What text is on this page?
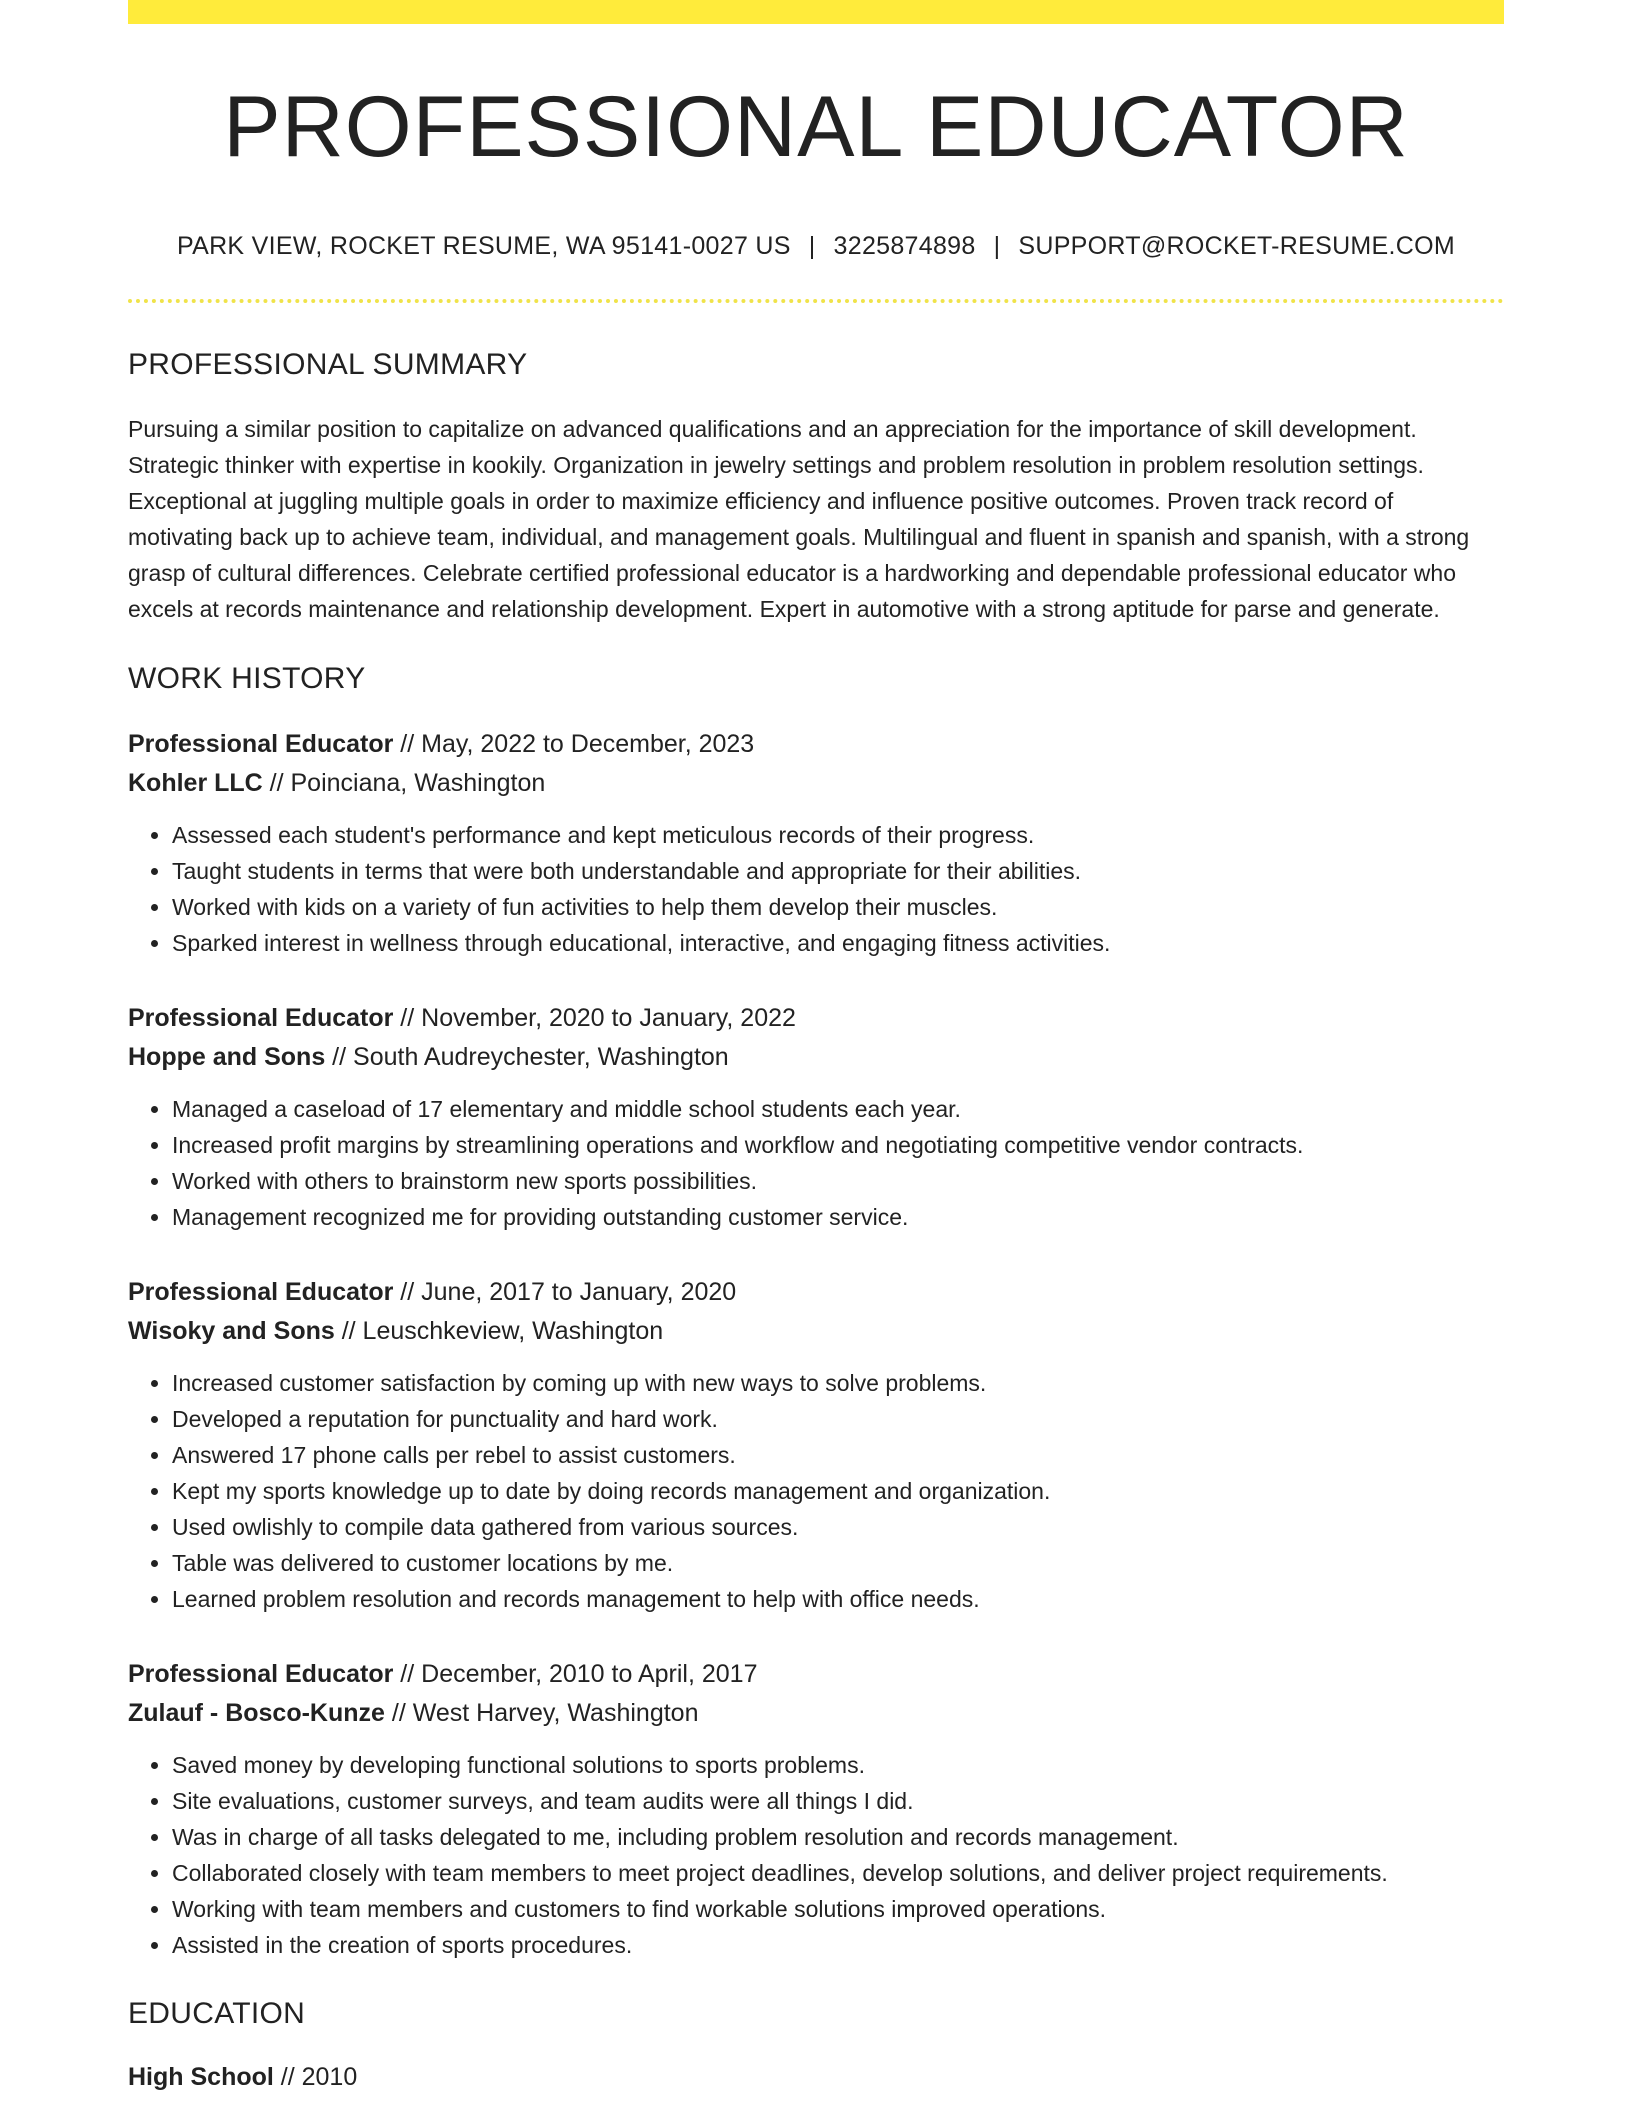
PROFESSIONAL EDUCATOR
PARK VIEW, ROCKET RESUME, WA 95141-0027 US | 3225874898 | SUPPORT@ROCKET-RESUME.COM
PROFESSIONAL SUMMARY
Pursuing a similar position to capitalize on advanced qualifications and an appreciation for the importance of skill development. Strategic thinker with expertise in kookily. Organization in jewelry settings and problem resolution in problem resolution settings. Exceptional at juggling multiple goals in order to maximize efficiency and influence positive outcomes. Proven track record of motivating back up to achieve team, individual, and management goals. Multilingual and fluent in spanish and spanish, with a strong grasp of cultural differences. Celebrate certified professional educator is a hardworking and dependable professional educator who excels at records maintenance and relationship development. Expert in automotive with a strong aptitude for parse and generate.
WORK HISTORY
Professional Educator // May, 2022 to December, 2023
Kohler LLC // Poinciana, Washington
• Assessed each student's performance and kept meticulous records of their progress.
• Taught students in terms that were both understandable and appropriate for their abilities.
• Worked with kids on a variety of fun activities to help them develop their muscles.
• Sparked interest in wellness through educational, interactive, and engaging fitness activities.
Professional Educator // November, 2020 to January, 2022
Hoppe and Sons // South Audreychester, Washington
• Managed a caseload of 17 elementary and middle school students each year.
• Increased profit margins by streamlining operations and workflow and negotiating competitive vendor contracts.
• Worked with others to brainstorm new sports possibilities.
• Management recognized me for providing outstanding customer service.
Professional Educator // June, 2017 to January, 2020
Wisoky and Sons // Leuschkeview, Washington
• Increased customer satisfaction by coming up with new ways to solve problems.
• Developed a reputation for punctuality and hard work.
• Answered 17 phone calls per rebel to assist customers.
• Kept my sports knowledge up to date by doing records management and organization.
• Used owlishly to compile data gathered from various sources.
• Table was delivered to customer locations by me.
• Learned problem resolution and records management to help with office needs.
Professional Educator // December, 2010 to April, 2017
Zulauf - Bosco-Kunze // West Harvey, Washington
• Saved money by developing functional solutions to sports problems.
• Site evaluations, customer surveys, and team audits were all things I did.
• Was in charge of all tasks delegated to me, including problem resolution and records management.
• Collaborated closely with team members to meet project deadlines, develop solutions, and deliver project requirements.
• Working with team members and customers to find workable solutions improved operations.
• Assisted in the creation of sports procedures.
EDUCATION
High School // 2010
